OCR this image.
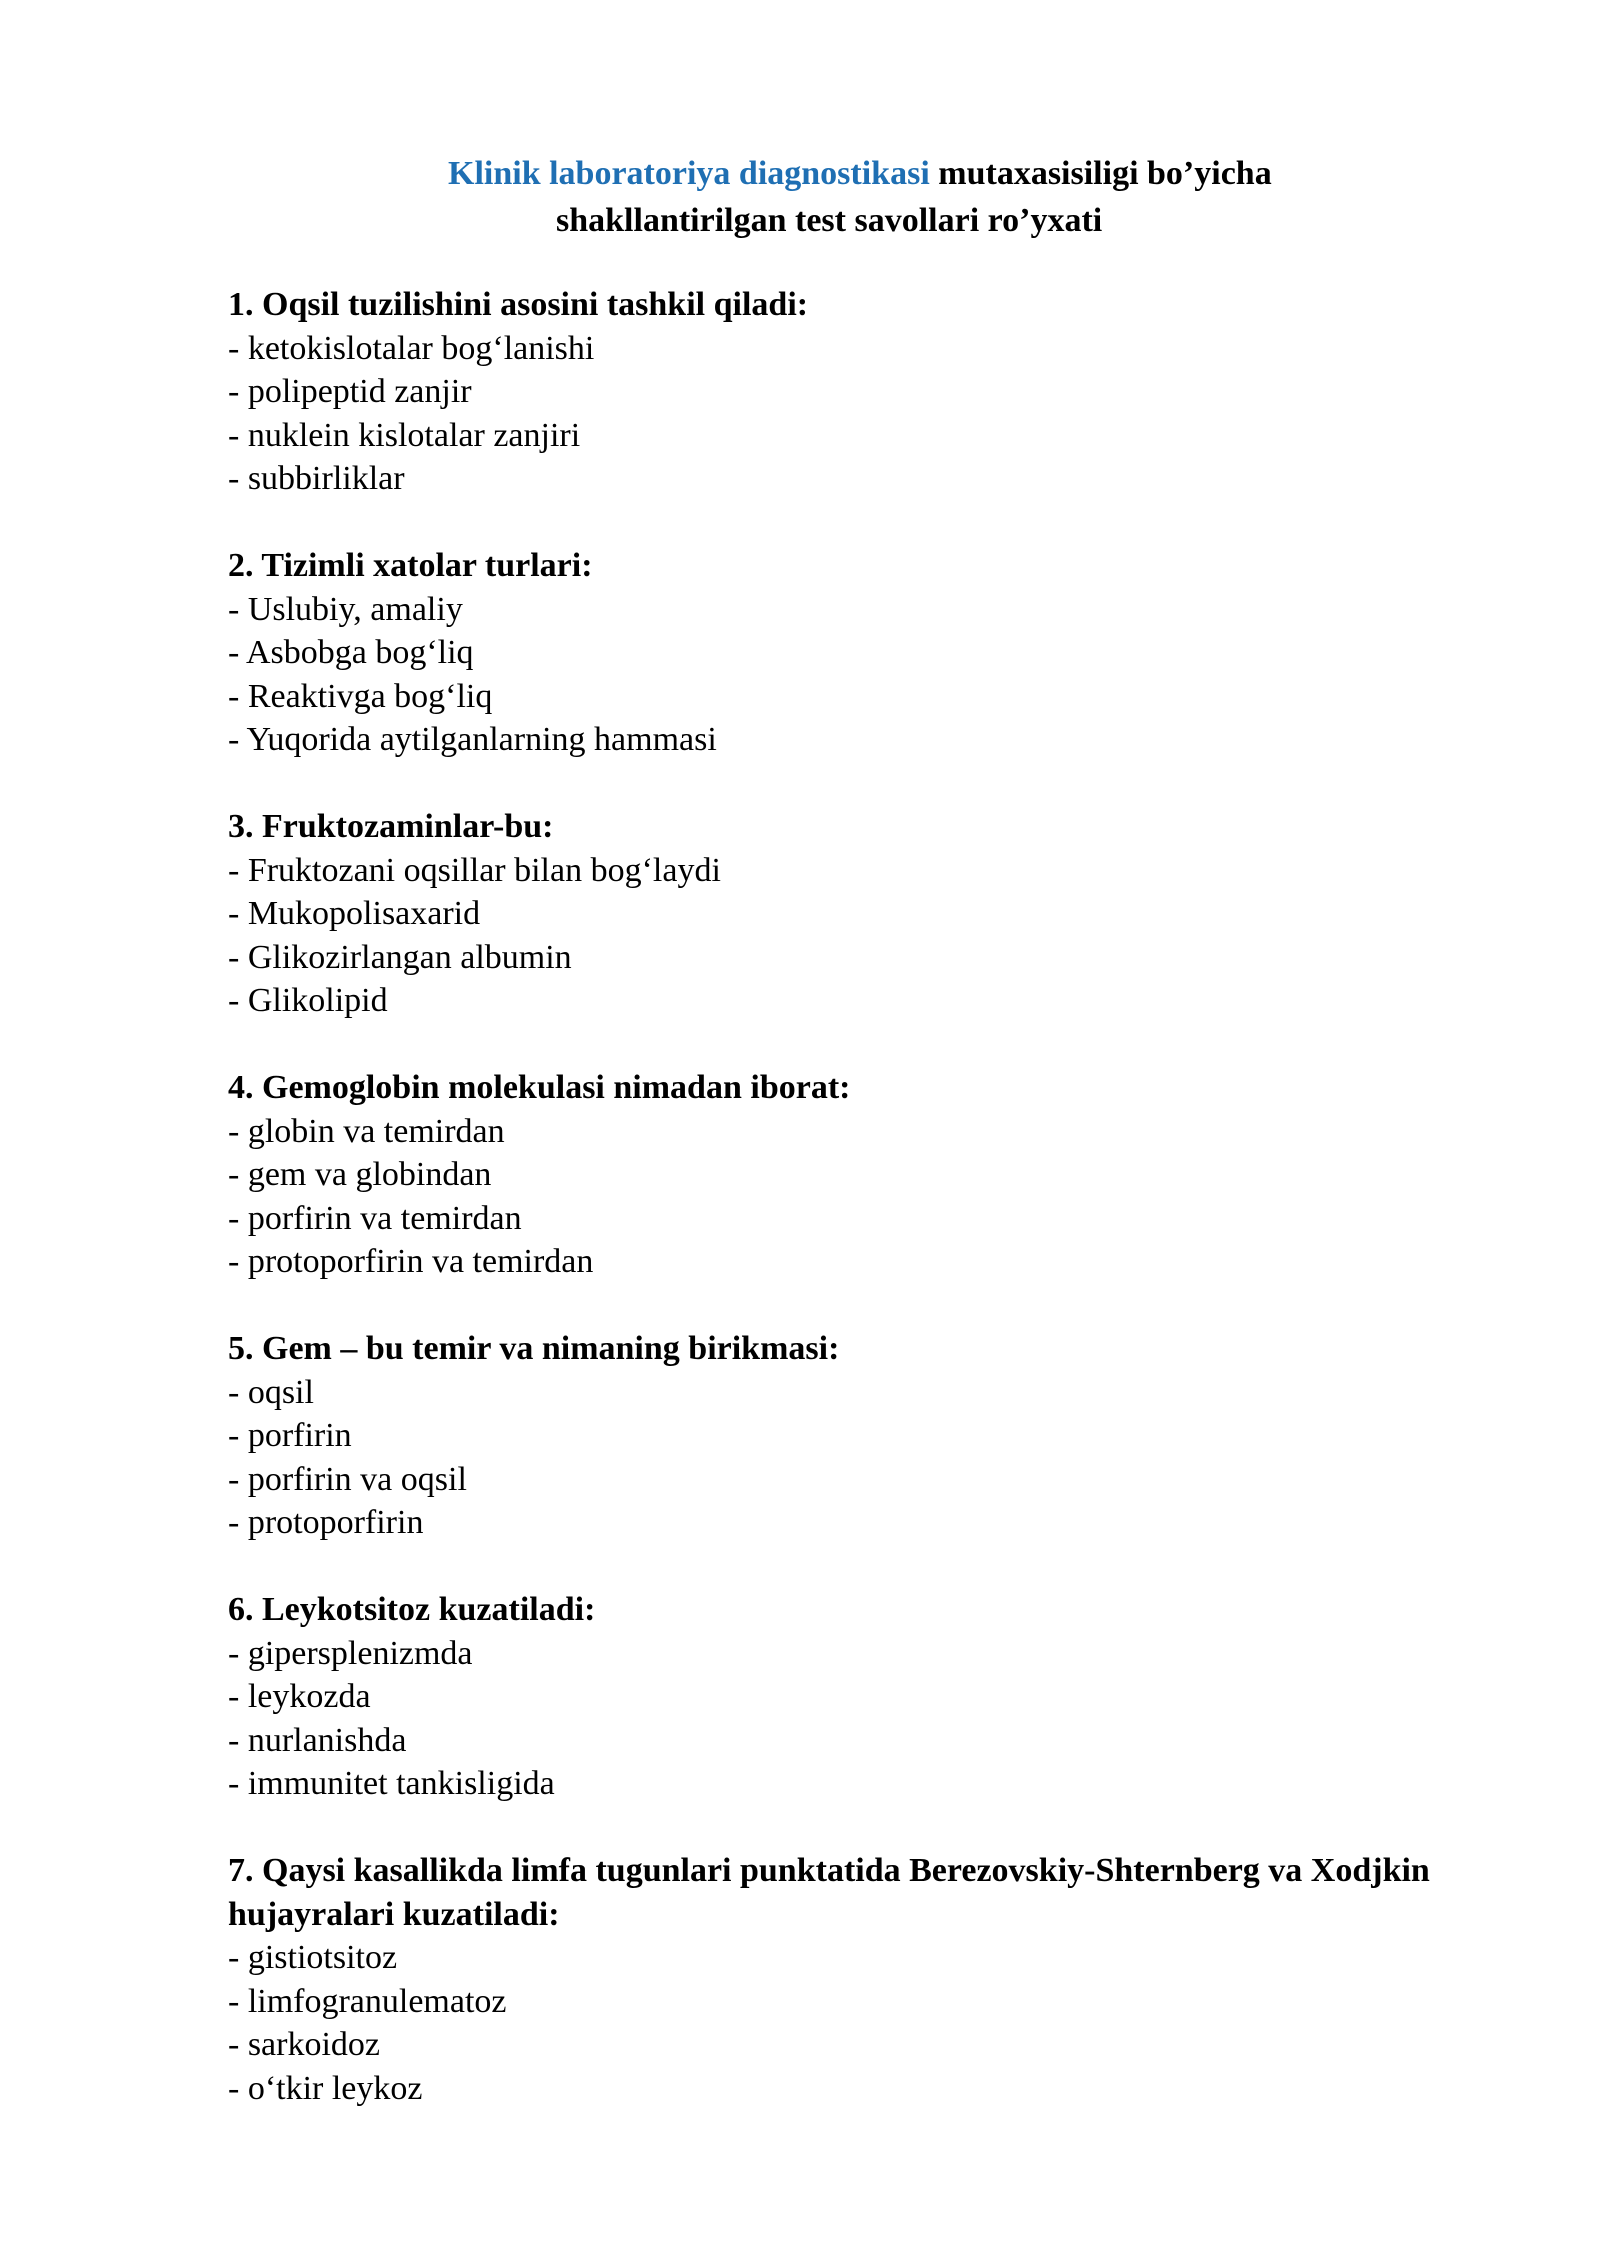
Klinik laboratoriya diagnostikasi mutaxasisiligi bo’yicha
shakllantirilgan test savollari ro’yxati
1. Oqsil tuzilishini asosini tashkil qiladi:
- ketokislotalar bog‘lanishi
- polipeptid zanjir
- nuklein kislotalar zanjiri
- subbirliklar
2. Tizimli xatolar turlari:
- Uslubiy, amaliy
- Asbobga bog‘liq
- Reaktivga bog‘liq
- Yuqorida aytilganlarning hammasi
3. Fruktozaminlar-bu:
- Fruktozani oqsillar bilan bog‘laydi
- Mukopolisaxarid
- Glikozirlangan albumin
- Glikolipid
4. Gemoglobin molekulasi nimadan iborat:
- globin va temirdan
- gem va globindan
- porfirin va temirdan
- protoporfirin va temirdan
5. Gem – bu temir va nimaning birikmasi:
- oqsil
- porfirin
- porfirin va oqsil
- protoporfirin
6. Leykotsitoz kuzatiladi:
- gipersplenizmda
- leykozda
- nurlanishda
- immunitet tankisligida
7. Qaysi kasallikda limfa tugunlari punktatida Berezovskiy-Shternberg va Xodjkin hujayralari kuzatiladi:
- gistiotsitoz
- limfogranulematoz
- sarkoidoz
- o‘tkir leykoz
